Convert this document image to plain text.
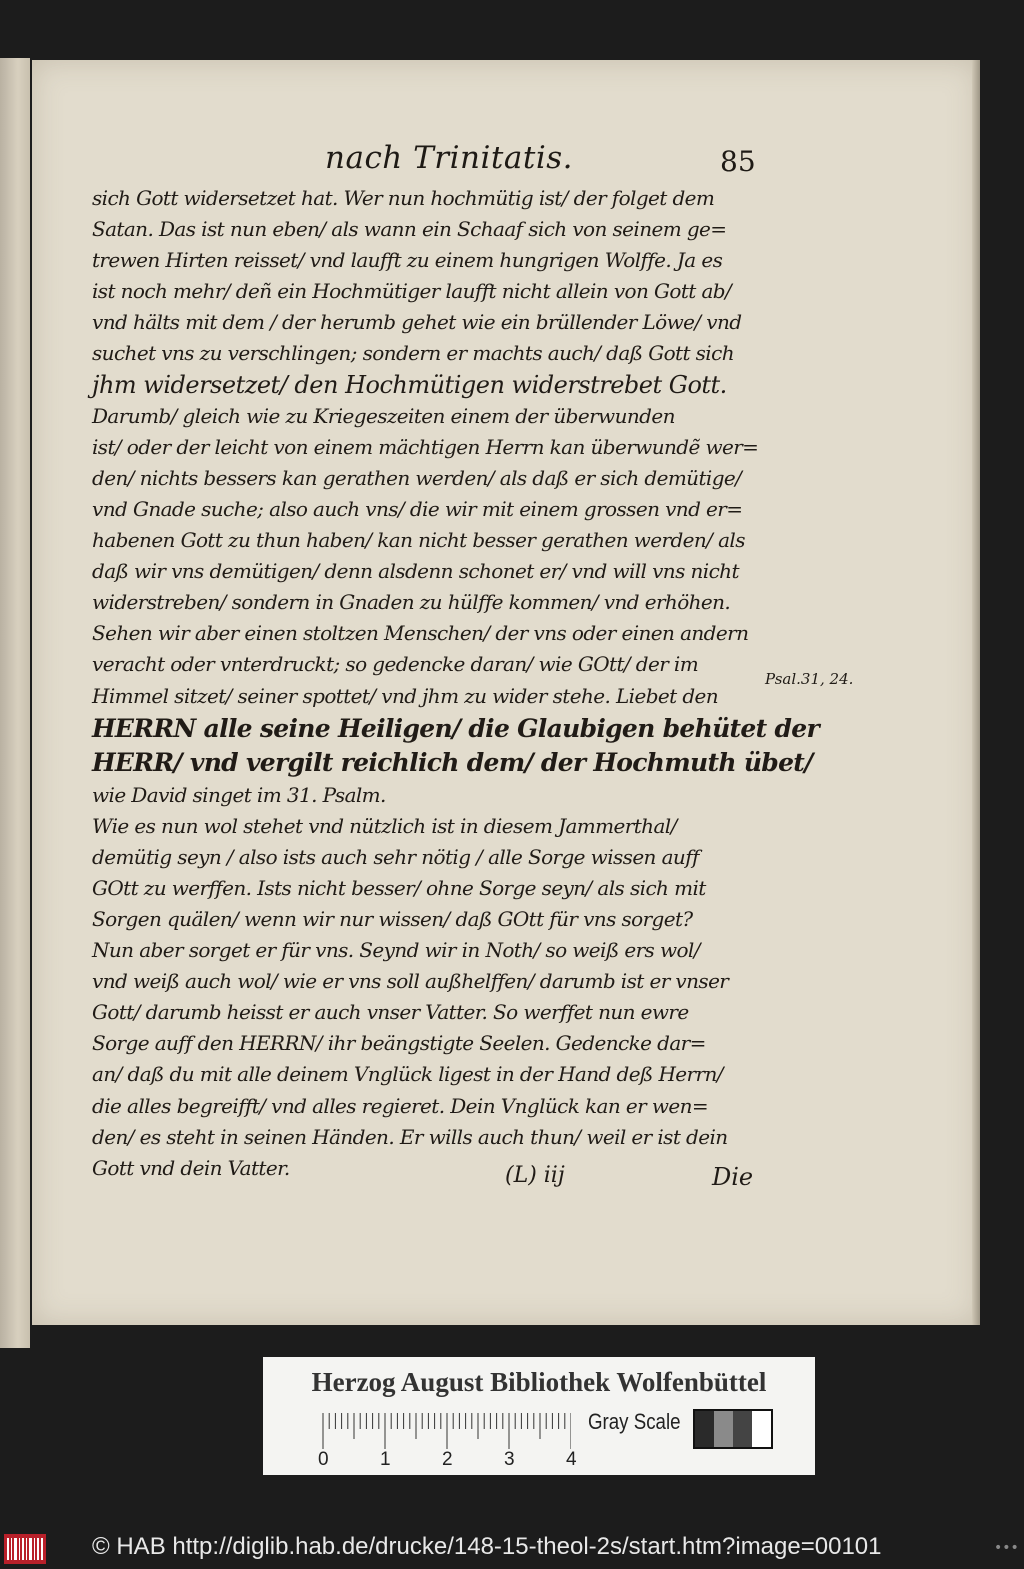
nach Trinitatis.	85
sich Gott widersetzet hat. Wer nun hochmütig ist/ der folget dem
Satan. Das ist nun eben/ als wann ein Schaaf sich von seinem ge=
trewen Hirten reisset/ vnd laufft zu einem hungrigen Wolffe. Ja es
ist noch mehr/ deñ ein Hochmütiger laufft nicht allein von Gott ab/
vnd hälts mit dem / der herumb gehet wie ein brüllender Löwe/ vnd
suchet vns zu verschlingen; sondern er machts auch/ daß Gott sich
jhm widersetzet/ den Hochmütigen widerstrebet Gott.
Darumb/ gleich wie zu Kriegeszeiten einem der überwunden
ist/ oder der leicht von einem mächtigen Herrn kan überwundẽ wer=
den/ nichts bessers kan gerathen werden/ als daß er sich demütige/
vnd Gnade suche; also auch vns/ die wir mit einem grossen vnd er=
habenen Gott zu thun haben/ kan nicht besser gerathen werden/ als
daß wir vns demütigen/ denn alsdenn schonet er/ vnd will vns nicht
widerstreben/ sondern in Gnaden zu hülffe kommen/ vnd erhöhen.
Sehen wir aber einen stoltzen Menschen/ der vns oder einen andern
veracht oder vnterdruckt; so gedencke daran/ wie GOtt/ der im
Himmel sitzet/ seiner spottet/ vnd jhm zu wider stehe. Liebet den
HERRN alle seine Heiligen/ die Glaubigen behütet der
HERR/ vnd vergilt reichlich dem/ der Hochmuth übet/
wie David singet im 31. Psalm.
Wie es nun wol stehet vnd nützlich ist in diesem Jammerthal/
demütig seyn / also ists auch sehr nötig / alle Sorge wissen auff
GOtt zu werffen. Ists nicht besser/ ohne Sorge seyn/ als sich mit
Sorgen quälen/ wenn wir nur wissen/ daß GOtt für vns sorget?
Nun aber sorget er für vns. Seynd wir in Noth/ so weiß ers wol/
vnd weiß auch wol/ wie er vns soll außhelffen/ darumb ist er vnser
Gott/ darumb heisst er auch vnser Vatter. So werffet nun ewre
Sorge auff den HERRN/ ihr beängstigte Seelen. Gedencke dar=
an/ daß du mit alle deinem Vnglück ligest in der Hand deß Herrn/
die alles begreifft/ vnd alles regieret. Dein Vnglück kan er wen=
den/ es steht in seinen Händen. Er wills auch thun/ weil er ist dein
Gott vnd dein Vatter.
Psal.31, 24.
(L) iij	Die
Herzog August Bibliothek Wolfenbüttel
0	1	2	3	4
Gray Scale
© HAB http://diglib.hab.de/drucke/148-15-theol-2s/start.htm?image=00101	•••
